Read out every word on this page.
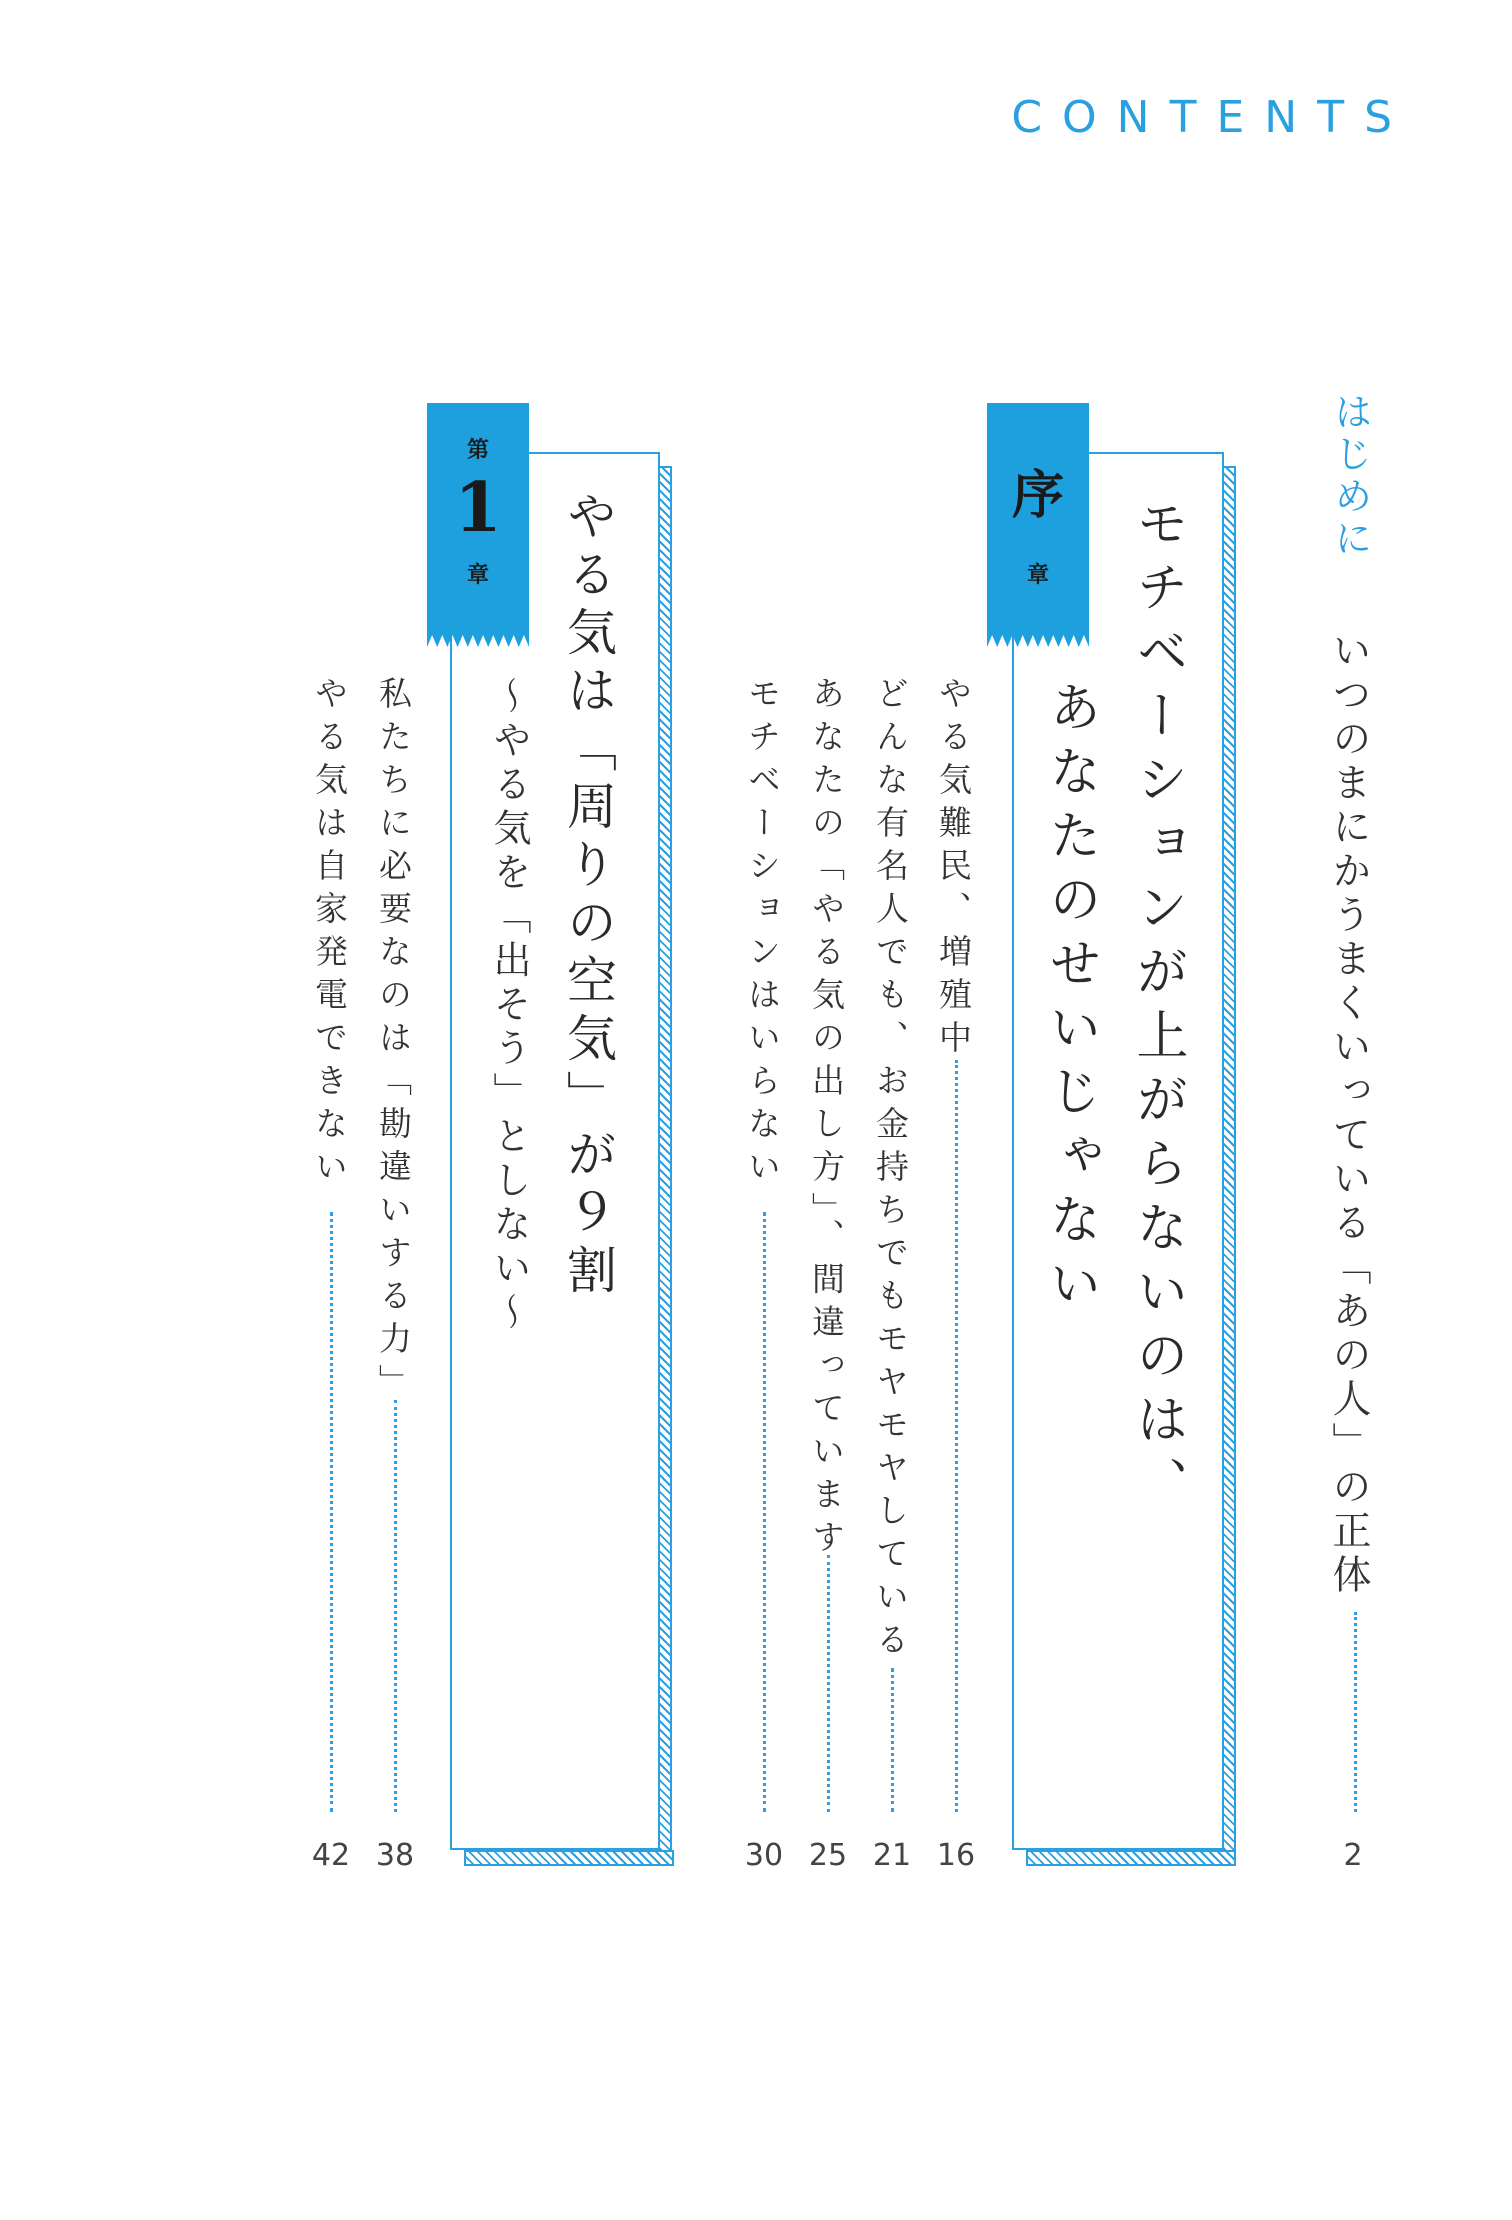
CONTENTS
はじめに
いつのまにかうまくいっている「あの人」の正体
2
序
章	モチベーションが上がらないのは、
あなたのせいじゃない
やる気難民、増殖中
16
どんな有名人でも、お金持ちでもモヤモヤしている
21
あなたの「やる気の出し方」、間違っています
25
モチベーションはいらない
30
第
1
章	やる気は「周りの空気」が９割
～やる気を「出そう」としない～
私たちに必要なのは「勘違いする力」
38
やる気は自家発電できない
42
